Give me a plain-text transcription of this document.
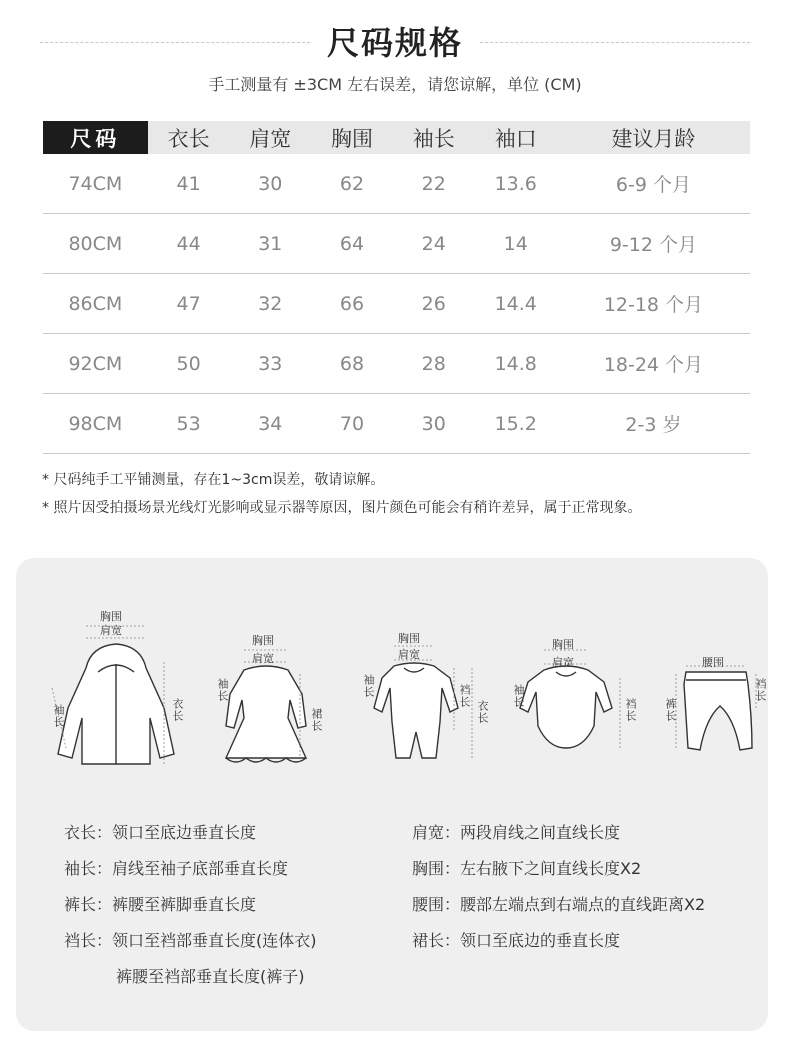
尺码规格
手工测量有 ±3CM 左右误差，请您谅解，单位 (CM)
尺码	衣长	肩宽	胸围	袖长	袖口	建议月龄
74CM	41	30	62	22	13.6	6-9 个月
80CM	44	31	64	24	14	9-12 个月
86CM	47	32	66	26	14.4	12-18 个月
92CM	50	33	68	28	14.8	18-24 个月
98CM	53	34	70	30	15.2	2-3 岁
* 尺码纯手工平铺测量，存在1~3cm误差，敬请谅解。
* 照片因受拍摄场景光线灯光影响或显示器等原因，图片颜色可能会有稍许差异，属于正常现象。
胸围
肩宽
袖长	衣长
胸围
肩宽
袖长
裙长
胸围
肩宽
袖长	裆长
衣长
胸围
肩宽
袖长
裆长
腰围
裤长
裆长
衣长：领口至底边垂直长度
袖长：肩线至袖子底部垂直长度
裤长：裤腰至裤脚垂直长度
裆长：领口至裆部垂直长度(连体衣)
裤腰至裆部垂直长度(裤子)
肩宽：两段肩线之间直线长度
胸围：左右腋下之间直线长度X2
腰围：腰部左端点到右端点的直线距离X2
裙长：领口至底边的垂直长度
